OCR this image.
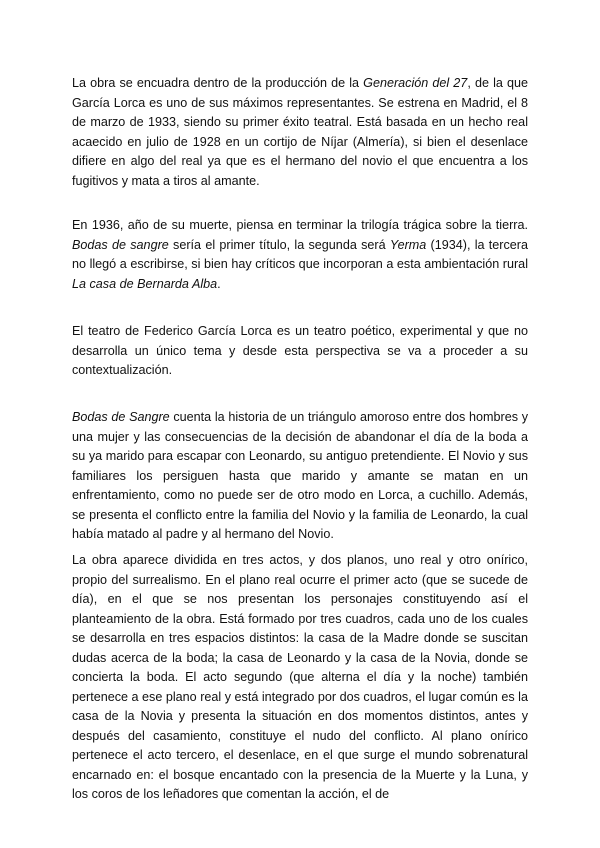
La obra se encuadra dentro de la producción de la Generación del 27, de la que García Lorca es uno de sus máximos representantes. Se estrena en Madrid, el 8 de marzo de 1933, siendo su primer éxito teatral. Está basada en un hecho real acaecido en julio de 1928 en un cortijo de Níjar (Almería), si bien el desenlace difiere en algo del real ya que es el hermano del novio el que encuentra a los fugitivos y mata a tiros al amante.

En 1936, año de su muerte, piensa en terminar la trilogía trágica sobre la tierra. Bodas de sangre sería el primer título, la segunda será Yerma (1934), la tercera no llegó a escribirse, si bien hay críticos que incorporan a esta ambientación rural La casa de Bernarda Alba.

El teatro de Federico García Lorca es un teatro poético, experimental y que no desarrolla un único tema y desde esta perspectiva se va a proceder a su contextualización.

Bodas de Sangre cuenta la historia de un triángulo amoroso entre dos hombres y una mujer y las consecuencias de la decisión de abandonar el día de la boda a su ya marido para escapar con Leonardo, su antiguo pretendiente. El Novio y sus familiares los persiguen hasta que marido y amante se matan en un enfrentamiento, como no puede ser de otro modo en Lorca, a cuchillo. Además, se presenta el conflicto entre la familia del Novio y la familia de Leonardo, la cual había matado al padre y al hermano del Novio.

La obra aparece dividida en tres actos, y dos planos, uno real y otro onírico, propio del surrealismo. En el plano real ocurre el primer acto (que se sucede de día), en el que se nos presentan los personajes constituyendo así el planteamiento de la obra. Está formado por tres cuadros, cada uno de los cuales se desarrolla en tres espacios distintos: la casa de la Madre donde se suscitan dudas acerca de la boda; la casa de Leonardo y la casa de la Novia, donde se concierta la boda. El acto segundo (que alterna el día y la noche) también pertenece a ese plano real y está integrado por dos cuadros, el lugar común es la casa de la Novia y presenta la situación en dos momentos distintos, antes y después del casamiento, constituye el nudo del conflicto. Al plano onírico pertenece el acto tercero, el desenlace, en el que surge el mundo sobrenatural encarnado en: el bosque encantado con la presencia de la Muerte y la Luna, y los coros de los leñadores que comentan la acción, el de
